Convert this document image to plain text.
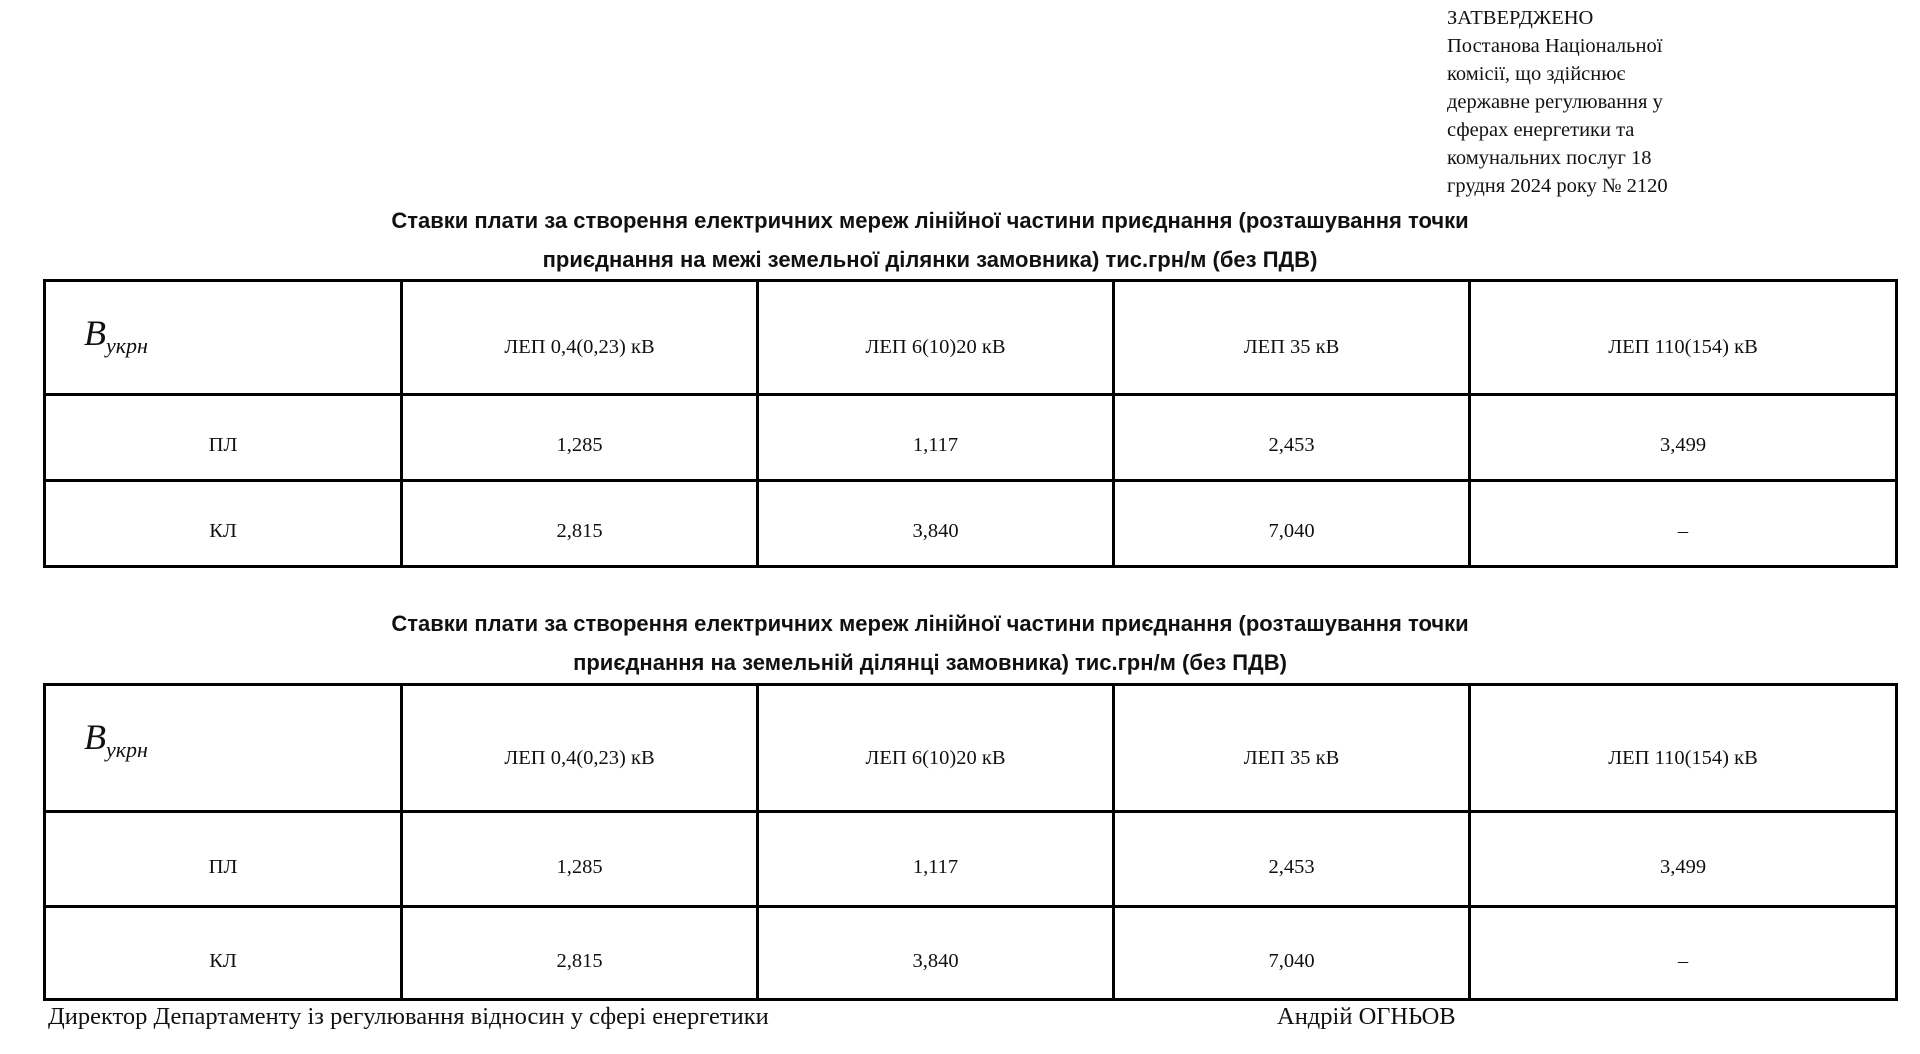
ЗАТВЕРДЖЕНО
Постанова Національної
комісії, що здійснює
державне регулювання у
сферах енергетики та
комунальних послуг 18
грудня 2024 року № 2120
Ставки плати за створення електричних мереж лінійної частини приєднання (розташування точки
приєднання на межі земельної ділянки замовника) тис.грн/м (без ПДВ)
$B_{укрн}$	ЛЕП 0,4(0,23) кВ	ЛЕП 6(10)20 кВ	ЛЕП 35 кВ	ЛЕП 110(154) кВ
ПЛ	1,285	1,117	2,453	3,499
КЛ	2,815	3,840	7,040	–
Ставки плати за створення електричних мереж лінійної частини приєднання (розташування точки
приєднання на земельній ділянці замовника) тис.грн/м (без ПДВ)
$B_{укрн}$	ЛЕП 0,4(0,23) кВ	ЛЕП 6(10)20 кВ	ЛЕП 35 кВ	ЛЕП 110(154) кВ
ПЛ	1,285	1,117	2,453	3,499
КЛ	2,815	3,840	7,040	–
Директор Департаменту із регулювання відносин у сфері енергетики	Андрій ОГНЬОВ
